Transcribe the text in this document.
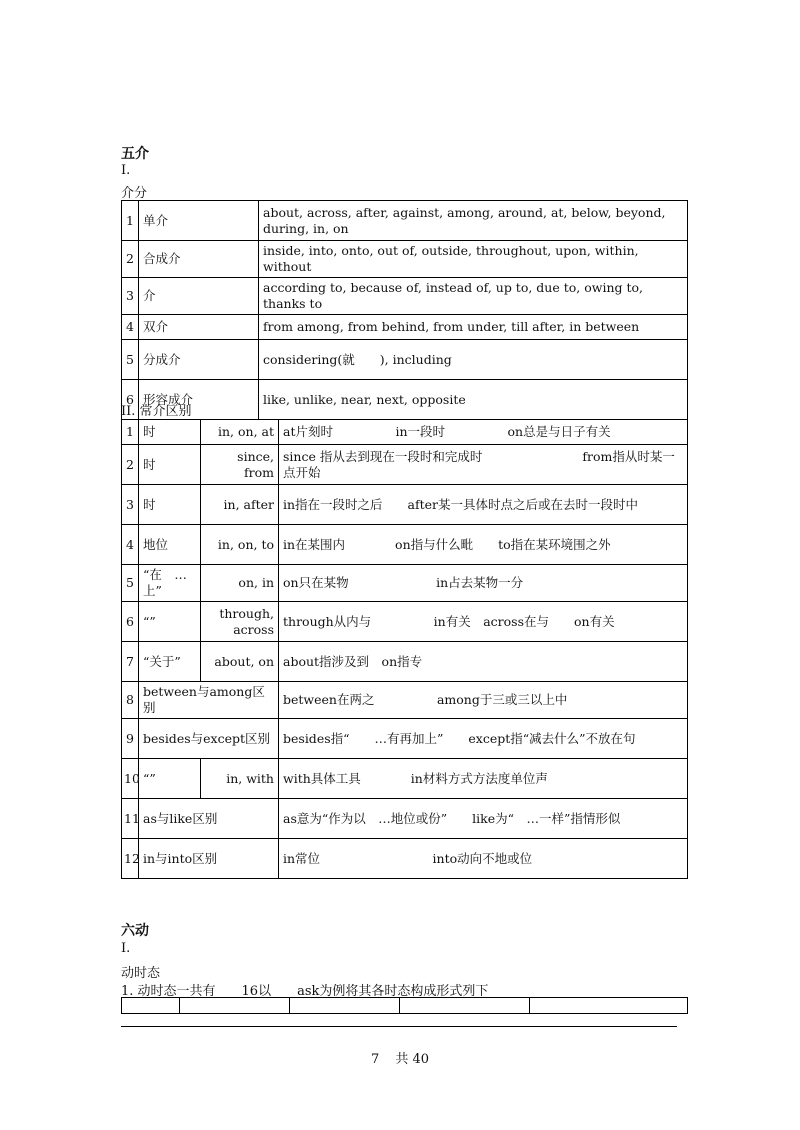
五介
I.
介分
1	单介	about, across, after, against, among, around, at, below, beyond, during, in, on
2	合成介	inside, into, onto, out of, outside, throughout, upon, within, without
3	介	according to, because of, instead of, up to, due to, owing to, thanks to
4	双介	from among, from behind, from under, till after, in between
5	分成介	considering(就　　), including
6	形容成介	like, unlike, near, next, opposite
II. 常介区别
1	时	in, on, at	at片刻时　　　　　in一段时　　　　　on总是与日子有关
2	时	since, from	since 指从去到现在一段时和完成时　　　　　　　　from指从时某一点开始
3	时	in, after	in指在一段时之后　　after某一具体时点之后或在去时一段时中
4	地位	in, on, to	in在某围内　　　　on指与什么毗　　to指在某环境围之外
5	“在　…上”	on, in	on只在某物　　　　　　　in占去某物一分
6	“”	through, across	through从内与　　　　　in有关　across在与　　on有关
7	“关于”	about, on	about指涉及到　on指专
8	between与among区别		between在两之　　　　　among于三或三以上中
9	besides与except区别		besides指“　　…有再加上”　　except指“减去什么”不放在句
10	“”	in, with	with具体工具　　　　in材料方式方法度单位声
11	as与like区别		as意为“作为以　…地位或份”　　like为“　…一样”指情形似
12	in与into区别		in常位　　　　　　　　　into动向不地或位
六动
I.
动时态
1. 动时态一共有　　16以　　ask为例将其各时态构成形式列下

7 共 40
